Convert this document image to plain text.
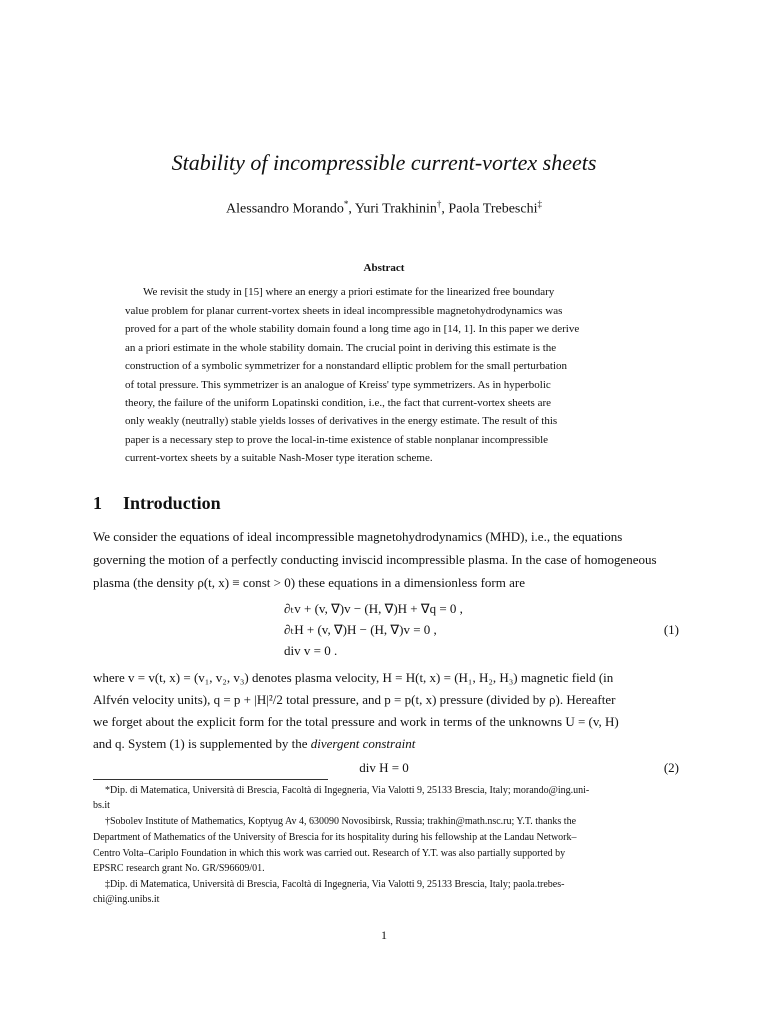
Stability of incompressible current-vortex sheets
Alessandro Morando*, Yuri Trakhinin†, Paola Trebeschi‡
Abstract
We revisit the study in [15] where an energy a priori estimate for the linearized free boundary
value problem for planar current-vortex sheets in ideal incompressible magnetohydrodynamics was
proved for a part of the whole stability domain found a long time ago in [14, 1]. In this paper we derive
an a priori estimate in the whole stability domain. The crucial point in deriving this estimate is the
construction of a symbolic symmetrizer for a nonstandard elliptic problem for the small perturbation
of total pressure. This symmetrizer is an analogue of Kreiss' type symmetrizers. As in hyperbolic
theory, the failure of the uniform Lopatinski condition, i.e., the fact that current-vortex sheets are
only weakly (neutrally) stable yields losses of derivatives in the energy estimate. The result of this
paper is a necessary step to prove the local-in-time existence of stable nonplanar incompressible
current-vortex sheets by a suitable Nash-Moser type iteration scheme.
1 Introduction
We consider the equations of ideal incompressible magnetohydrodynamics (MHD), i.e., the equations
governing the motion of a perfectly conducting inviscid incompressible plasma. In the case of homogeneous
plasma (the density ρ(t, x) ≡ const > 0) these equations in a dimensionless form are
∂ₜv + (v, ∇)v − (H, ∇)H + ∇q = 0 ,
∂ₜH + (v, ∇)H − (H, ∇)v = 0 ,	(1)
div v = 0 .
where v = v(t, x) = (v₁, v₂, v₃) denotes plasma velocity, H = H(t, x) = (H₁, H₂, H₃) magnetic field (in
Alfvén velocity units), q = p + |H|²/2 total pressure, and p = p(t, x) pressure (divided by ρ). Hereafter
we forget about the explicit form for the total pressure and work in terms of the unknowns U = (v, H)
and q. System (1) is supplemented by the divergent constraint
div H = 0	(2)
*Dip. di Matematica, Università di Brescia, Facoltà di Ingegneria, Via Valotti 9, 25133 Brescia, Italy; morando@ing.uni-
bs.it
†Sobolev Institute of Mathematics, Koptyug Av 4, 630090 Novosibirsk, Russia; trakhin@math.nsc.ru; Y.T. thanks the
Department of Mathematics of the University of Brescia for its hospitality during his fellowship at the Landau Network–
Centro Volta–Cariplo Foundation in which this work was carried out. Research of Y.T. was also partially supported by
EPSRC research grant No. GR/S96609/01.
‡Dip. di Matematica, Università di Brescia, Facoltà di Ingegneria, Via Valotti 9, 25133 Brescia, Italy; paola.trebes-
chi@ing.unibs.it
1
